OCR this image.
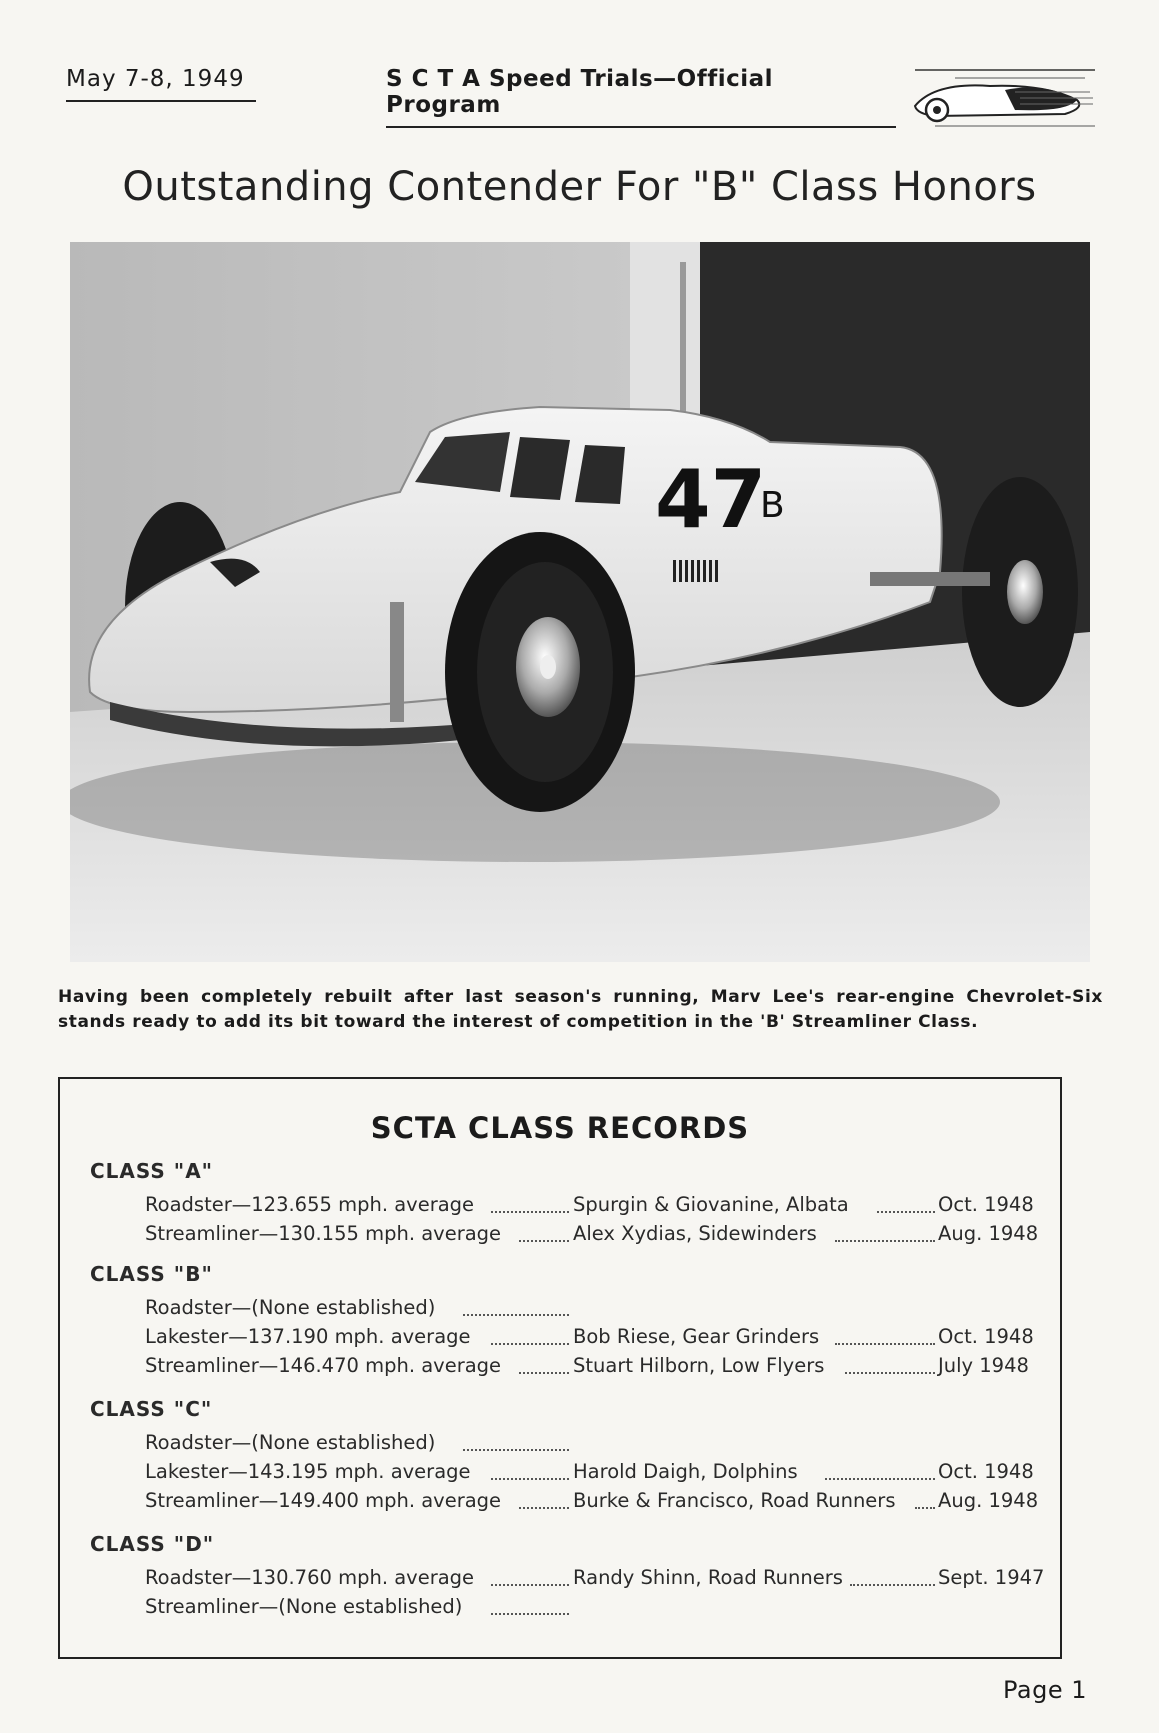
May 7-8, 1949	S C T A Speed Trials—Official Program
Outstanding Contender For "B" Class Honors
47
B
Having been completely rebuilt after last season's running, Marv Lee's rear-engine Chevrolet-Six stands ready to add its bit toward the interest of competition in the 'B' Streamliner Class.
SCTA CLASS RECORDS
CLASS "A"
Roadster—123.655 mph. average	Spurgin & Giovanine, Albata	Oct. 1948
Streamliner—130.155 mph. average	Alex Xydias, Sidewinders	Aug. 1948
CLASS "B"
Roadster—(None established)
Lakester—137.190 mph. average	Bob Riese, Gear Grinders	Oct. 1948
Streamliner—146.470 mph. average	Stuart Hilborn, Low Flyers	July 1948
CLASS "C"
Roadster—(None established)
Lakester—143.195 mph. average	Harold Daigh, Dolphins	Oct. 1948
Streamliner—149.400 mph. average	Burke & Francisco, Road Runners Aug. 1948
CLASS "D"
Roadster—130.760 mph. average	Randy Shinn, Road Runners	Sept. 1947
Streamliner—(None established)
Page 1
